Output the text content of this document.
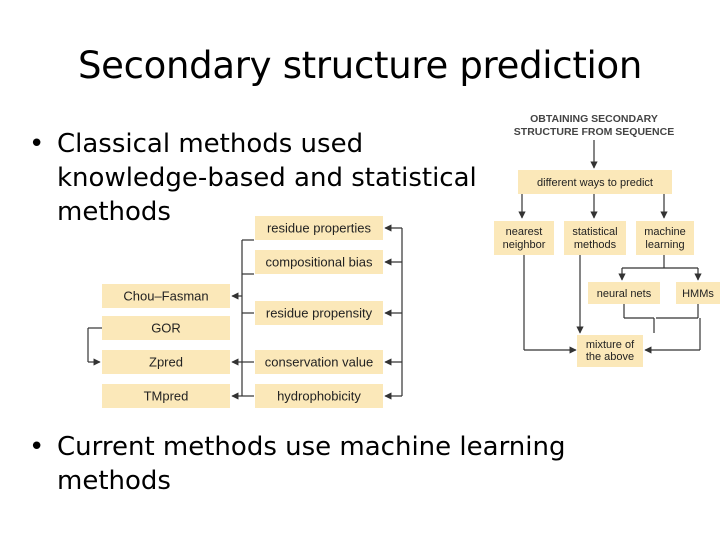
Secondary structure prediction
• Classical methods used knowledge-based and statistical methods
• Current methods use machine learning methods
residue properties
compositional bias
residue propensity
conservation value
hydrophobicity
Chou–Fasman
GOR
Zpred
TMpred
OBTAINING SECONDARY
STRUCTURE FROM SEQUENCE
different ways to predict
nearest
neighbor
statistical
methods
machine
learning
neural nets	HMMs
mixture of
the above
